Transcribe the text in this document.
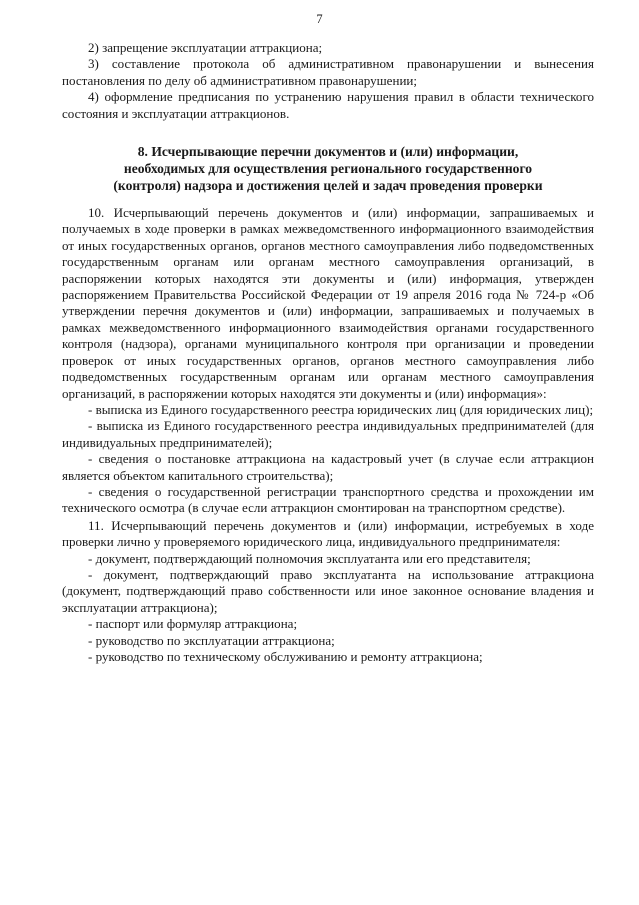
7

2) запрещение эксплуатации аттракциона;

3) составление протокола об административном правонарушении и вынесения постановления по делу об административном правонарушении;

4) оформление предписания по устранению нарушения правил в области технического состояния и эксплуатации аттракционов.

8. Исчерпывающие перечни документов и (или) информации,
необходимых для осуществления регионального государственного
(контроля) надзора и достижения целей и задач проведения проверки

10. Исчерпывающий перечень документов и (или) информации, запрашиваемых и получаемых в ходе проверки в рамках межведомственного информационного взаимодействия от иных государственных органов, органов местного самоуправления либо подведомственных государственным органам или органам местного самоуправления организаций, в распоряжении которых находятся эти документы и (или) информация, утвержден распоряжением Правительства Российской Федерации от 19 апреля 2016 года № 724-р «Об утверждении перечня документов и (или) информации, запрашиваемых и получаемых в рамках межведомственного информационного взаимодействия органами государственного контроля (надзора), органами муниципального контроля при организации и проведении проверок от иных государственных органов, органов местного самоуправления либо подведомственных государственным органам или органам местного самоуправления организаций, в распоряжении которых находятся эти документы и (или) информация»:

- выписка из Единого государственного реестра юридических лиц (для юридических лиц);

- выписка из Единого государственного реестра индивидуальных предпринимателей (для индивидуальных предпринимателей);

- сведения о постановке аттракциона на кадастровый учет (в случае если аттракцион является объектом капитального строительства);

- сведения о государственной регистрации транспортного средства и прохождении им технического осмотра (в случае если аттракцион смонтирован на транспортном средстве).

11. Исчерпывающий перечень документов и (или) информации, истребуемых в ходе проверки лично у проверяемого юридического лица, индивидуального предпринимателя:

- документ, подтверждающий полномочия эксплуатанта или его представителя;

- документ, подтверждающий право эксплуатанта на использование аттракциона (документ, подтверждающий право собственности или иное законное основание владения и эксплуатации аттракциона);

- паспорт или формуляр аттракциона;

- руководство по эксплуатации аттракциона;

- руководство по техническому обслуживанию и ремонту аттракциона;
